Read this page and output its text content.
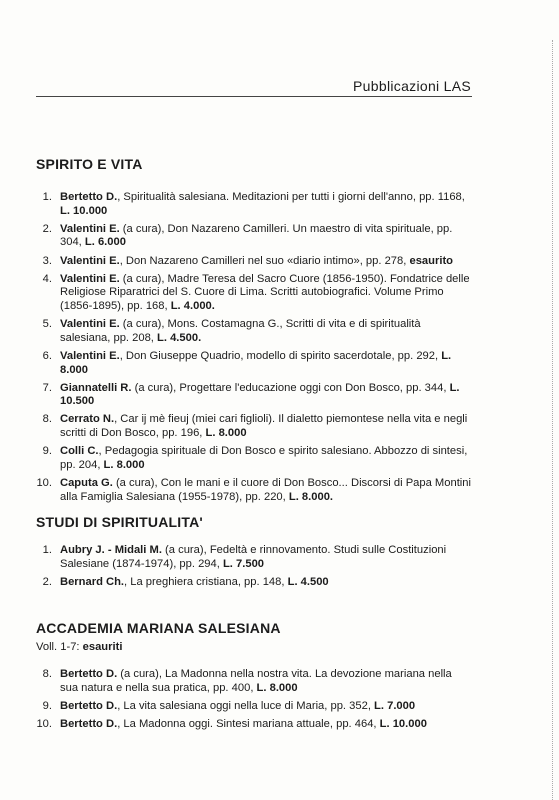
Pubblicazioni LAS
SPIRITO E VITA
1. Bertetto D., Spiritualità salesiana. Meditazioni per tutti i giorni dell'anno, pp. 1168, L. 10.000
2. Valentini E. (a cura), Don Nazareno Camilleri. Un maestro di vita spirituale, pp. 304, L. 6.000
3. Valentini E., Don Nazareno Camilleri nel suo «diario intimo», pp. 278, esaurito
4. Valentini E. (a cura), Madre Teresa del Sacro Cuore (1856-1950). Fondatrice delle Religiose Riparatrici del S. Cuore di Lima. Scritti autobiografici. Volume Primo (1856-1895), pp. 168, L. 4.000.
5. Valentini E. (a cura), Mons. Costamagna G., Scritti di vita e di spiritualità salesiana, pp. 208, L. 4.500.
6. Valentini E., Don Giuseppe Quadrio, modello di spirito sacerdotale, pp. 292, L. 8.000
7. Giannatelli R. (a cura), Progettare l'educazione oggi con Don Bosco, pp. 344, L. 10.500
8. Cerrato N., Car ij mè fieuj (miei cari figlioli). Il dialetto piemontese nella vita e negli scritti di Don Bosco, pp. 196, L. 8.000
9. Colli C., Pedagogia spirituale di Don Bosco e spirito salesiano. Abbozzo di sintesi, pp. 204, L. 8.000
10. Caputa G. (a cura), Con le mani e il cuore di Don Bosco... Discorsi di Papa Montini alla Famiglia Salesiana (1955-1978), pp. 220, L. 8.000.
STUDI DI SPIRITUALITA'
1. Aubry J. - Midali M. (a cura), Fedeltà e rinnovamento. Studi sulle Costituzioni Salesiane (1874-1974), pp. 294, L. 7.500
2. Bernard Ch., La preghiera cristiana, pp. 148, L. 4.500
ACCADEMIA MARIANA SALESIANA
Voll. 1-7: esauriti
8. Bertetto D. (a cura), La Madonna nella nostra vita. La devozione mariana nella sua natura e nella sua pratica, pp. 400, L. 8.000
9. Bertetto D., La vita salesiana oggi nella luce di Maria, pp. 352, L. 7.000
10. Bertetto D., La Madonna oggi. Sintesi mariana attuale, pp. 464, L. 10.000
